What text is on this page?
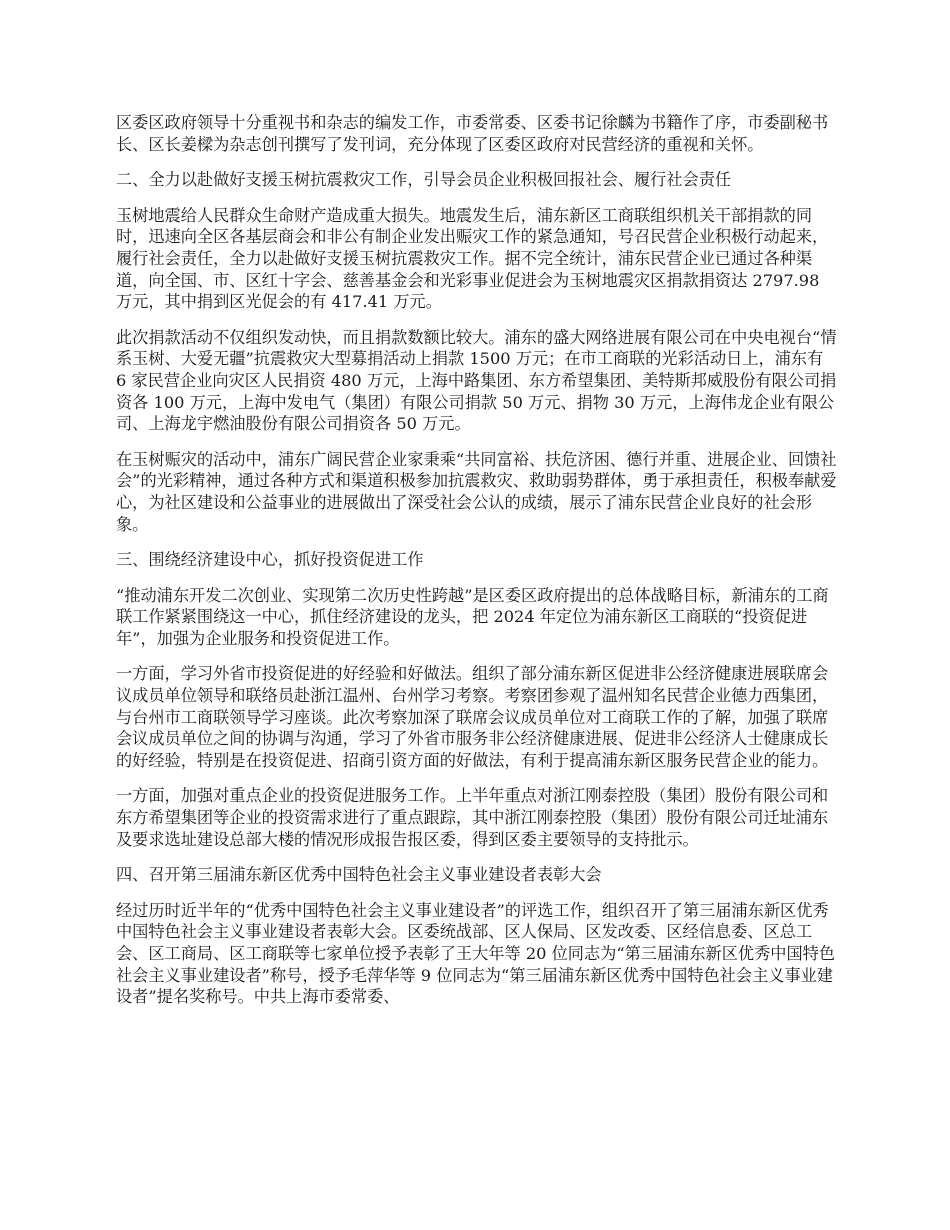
区委区政府领导十分重视书和杂志的编发工作，市委常委、区委书记徐麟为书籍作了序，市委副秘书长、区长姜樑为杂志创刊撰写了发刊词，充分体现了区委区政府对民营经济的重视和关怀。

二、全力以赴做好支援玉树抗震救灾工作，引导会员企业积极回报社会、履行社会责任

玉树地震给人民群众生命财产造成重大损失。地震发生后，浦东新区工商联组织机关干部捐款的同时，迅速向全区各基层商会和非公有制企业发出赈灾工作的紧急通知，号召民营企业积极行动起来，履行社会责任，全力以赴做好支援玉树抗震救灾工作。据不完全统计，浦东民营企业已通过各种渠道，向全国、市、区红十字会、慈善基金会和光彩事业促进会为玉树地震灾区捐款捐资达 2797.98 万元，其中捐到区光促会的有 417.41 万元。

此次捐款活动不仅组织发动快，而且捐款数额比较大。浦东的盛大网络进展有限公司在中央电视台“情系玉树、大爱无疆”抗震救灾大型募捐活动上捐款 1500 万元；在市工商联的光彩活动日上，浦东有 6 家民营企业向灾区人民捐资 480 万元，上海中路集团、东方希望集团、美特斯邦威股份有限公司捐资各 100 万元，上海中发电气（集团）有限公司捐款 50 万元、捐物 30 万元，上海伟龙企业有限公司、上海龙宇燃油股份有限公司捐资各 50 万元。

在玉树赈灾的活动中，浦东广阔民营企业家秉乘“共同富裕、扶危济困、德行并重、进展企业、回馈社会”的光彩精神，通过各种方式和渠道积极参加抗震救灾、救助弱势群体，勇于承担责任，积极奉献爱心，为社区建设和公益事业的进展做出了深受社会公认的成绩，展示了浦东民营企业良好的社会形象。

三、围绕经济建设中心，抓好投资促进工作

“推动浦东开发二次创业、实现第二次历史性跨越”是区委区政府提出的总体战略目标，新浦东的工商联工作紧紧围绕这一中心，抓住经济建设的龙头，把 2024 年定位为浦东新区工商联的“投资促进年”，加强为企业服务和投资促进工作。

一方面，学习外省市投资促进的好经验和好做法。组织了部分浦东新区促进非公经济健康进展联席会议成员单位领导和联络员赴浙江温州、台州学习考察。考察团参观了温州知名民营企业德力西集团，与台州市工商联领导学习座谈。此次考察加深了联席会议成员单位对工商联工作的了解，加强了联席会议成员单位之间的协调与沟通，学习了外省市服务非公经济健康进展、促进非公经济人士健康成长的好经验，特别是在投资促进、招商引资方面的好做法，有利于提高浦东新区服务民营企业的能力。

一方面，加强对重点企业的投资促进服务工作。上半年重点对浙江刚泰控股（集团）股份有限公司和东方希望集团等企业的投资需求进行了重点跟踪，其中浙江刚泰控股（集团）股份有限公司迁址浦东及要求选址建设总部大楼的情况形成报告报区委，得到区委主要领导的支持批示。

四、召开第三届浦东新区优秀中国特色社会主义事业建设者表彰大会

经过历时近半年的“优秀中国特色社会主义事业建设者”的评选工作，组织召开了第三届浦东新区优秀中国特色社会主义事业建设者表彰大会。区委统战部、区人保局、区发改委、区经信息委、区总工会、区工商局、区工商联等七家单位授予表彰了王大年等 20 位同志为“第三届浦东新区优秀中国特色社会主义事业建设者”称号，授予毛萍华等 9 位同志为“第三届浦东新区优秀中国特色社会主义事业建设者”提名奖称号。中共上海市委常委、
